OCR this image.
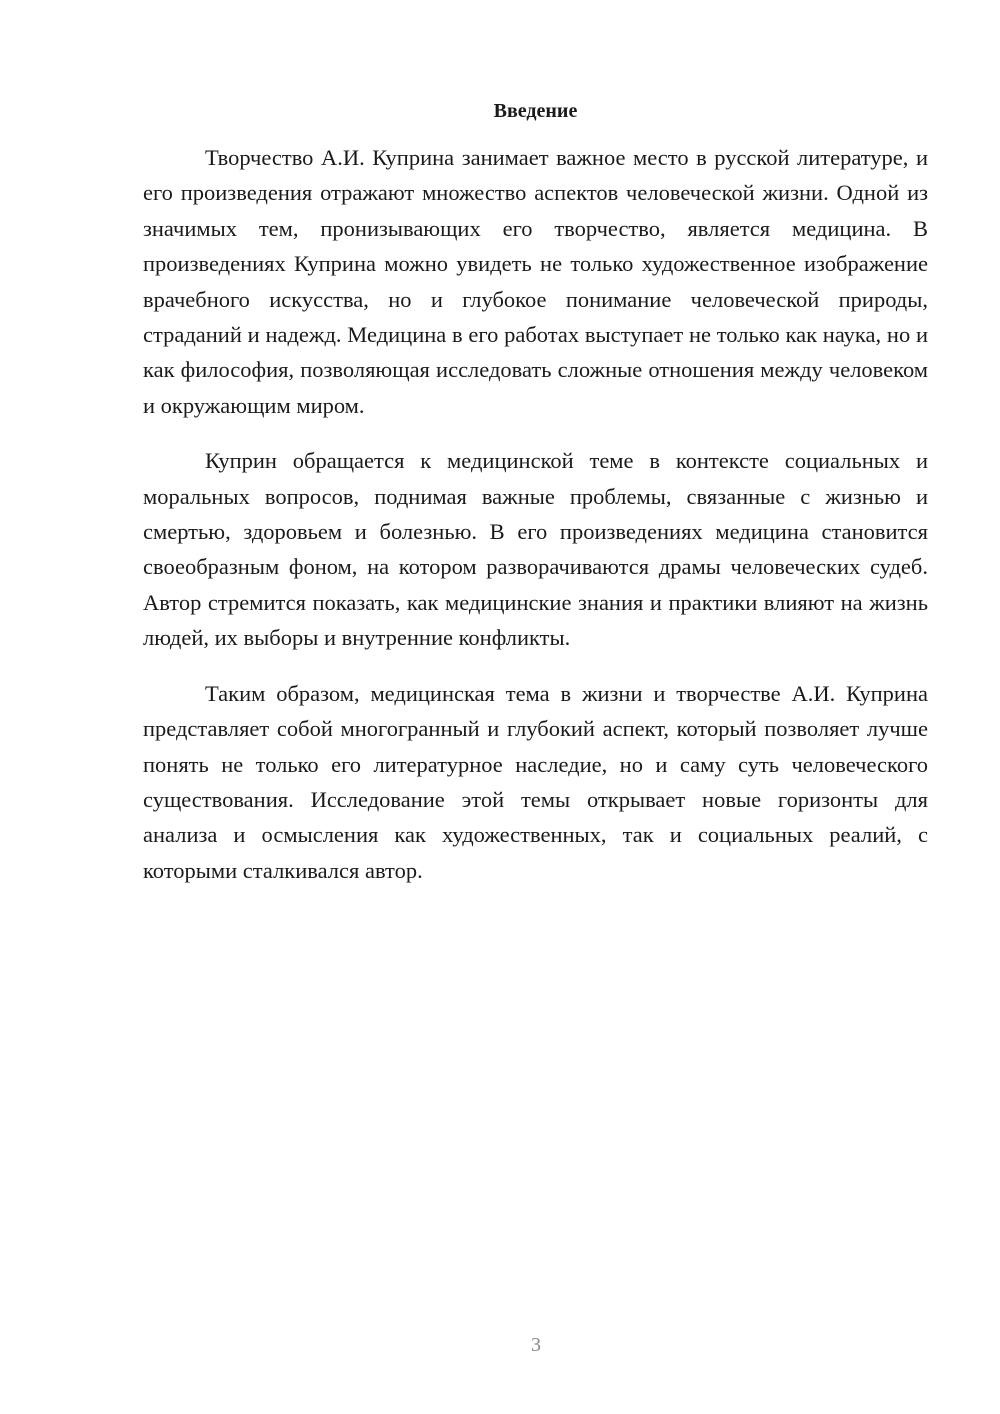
Введение

Творчество А.И. Куприна занимает важное место в русской литературе, и его произведения отражают множество аспектов человеческой жизни. Одной из значимых тем, пронизывающих его творчество, является медицина. В произведениях Куприна можно увидеть не только художественное изображение врачебного искусства, но и глубокое понимание человеческой природы, страданий и надежд. Медицина в его работах выступает не только как наука, но и как философия, позволяющая исследовать сложные отношения между человеком и окружающим миром.

Куприн обращается к медицинской теме в контексте социальных и моральных вопросов, поднимая важные проблемы, связанные с жизнью и смертью, здоровьем и болезнью. В его произведениях медицина становится своеобразным фоном, на котором разворачиваются драмы человеческих судеб. Автор стремится показать, как медицинские знания и практики влияют на жизнь людей, их выборы и внутренние конфликты.

Таким образом, медицинская тема в жизни и творчестве А.И. Куприна представляет собой многогранный и глубокий аспект, который позволяет лучше понять не только его литературное наследие, но и саму суть человеческого существования. Исследование этой темы открывает новые горизонты для анализа и осмысления как художественных, так и социальных реалий, с которыми сталкивался автор.

3
